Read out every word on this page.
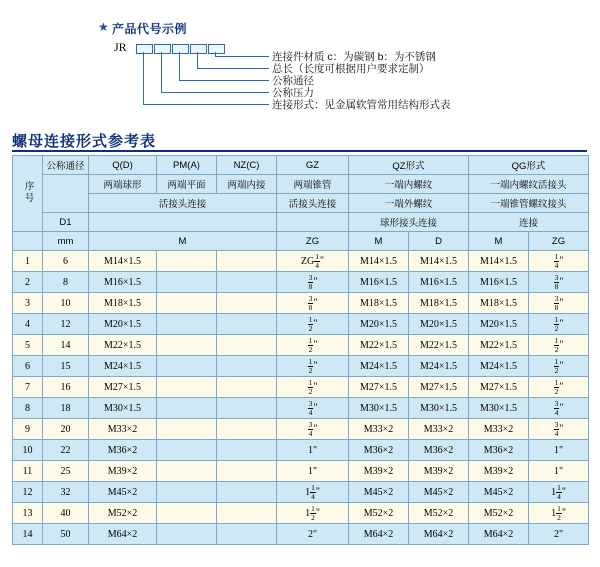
★ 产品代号示例
JR
连接件材质 c：为碳钢 b：为不锈钢
总长（长度可根据用户要求定制）
公称通径
公称压力
连接形式：见金属软管常用结构形式表
螺母连接形式参考表
序号	公称通径	Q(D)	PM(A)	NZ(C)	GZ	QZ形式		QG形式	
		两端球形	两端平面	两端内接	两端锥管	一端内螺纹		一端内螺纹活接头	
		活接头连接			活接头连接	一端外螺纹		一端锥管螺纹接头	
	D1					球形接头连接		连接	
	mm	M			ZG	M	D	M	ZG
1	6	M14×1.5			ZG $\frac{1}{4}$ "	M14×1.5	M14×1.5	M14×1.5	$\frac{1}{4}$ "
2	8	M16×1.5			$\frac{3}{8}$ "	M16×1.5	M16×1.5	M16×1.5	$\frac{3}{8}$ "
3	10	M18×1.5			$\frac{3}{8}$ "	M18×1.5	M18×1.5	M18×1.5	$\frac{3}{8}$ "
4	12	M20×1.5			$\frac{1}{2}$ "	M20×1.5	M20×1.5	M20×1.5	$\frac{1}{2}$ "
5	14	M22×1.5			$\frac{1}{2}$ "	M22×1.5	M22×1.5	M22×1.5	$\frac{1}{2}$ "
6	15	M24×1.5			$\frac{1}{2}$ "	M24×1.5	M24×1.5	M24×1.5	$\frac{1}{2}$ "
7	16	M27×1.5			$\frac{1}{2}$ "	M27×1.5	M27×1.5	M27×1.5	$\frac{1}{2}$ "
8	18	M30×1.5			$\frac{3}{4}$ "	M30×1.5	M30×1.5	M30×1.5	$\frac{3}{4}$ "
9	20	M33×2			$\frac{3}{4}$ "	M33×2	M33×2	M33×2	$\frac{3}{4}$ "
10	22	M36×2			1"	M36×2	M36×2	M36×2	1"
11	25	M39×2			1"	M39×2	M39×2	M39×2	1"
12	32	M45×2			$1 \frac{1}{4}$ "	M45×2	M45×2	M45×2	$1 \frac{1}{4}$ "
13	40	M52×2			$1 \frac{1}{2}$ "	M52×2	M52×2	M52×2	$1 \frac{1}{2}$ "
14	50	M64×2			2"	M64×2	M64×2	M64×2	2"
